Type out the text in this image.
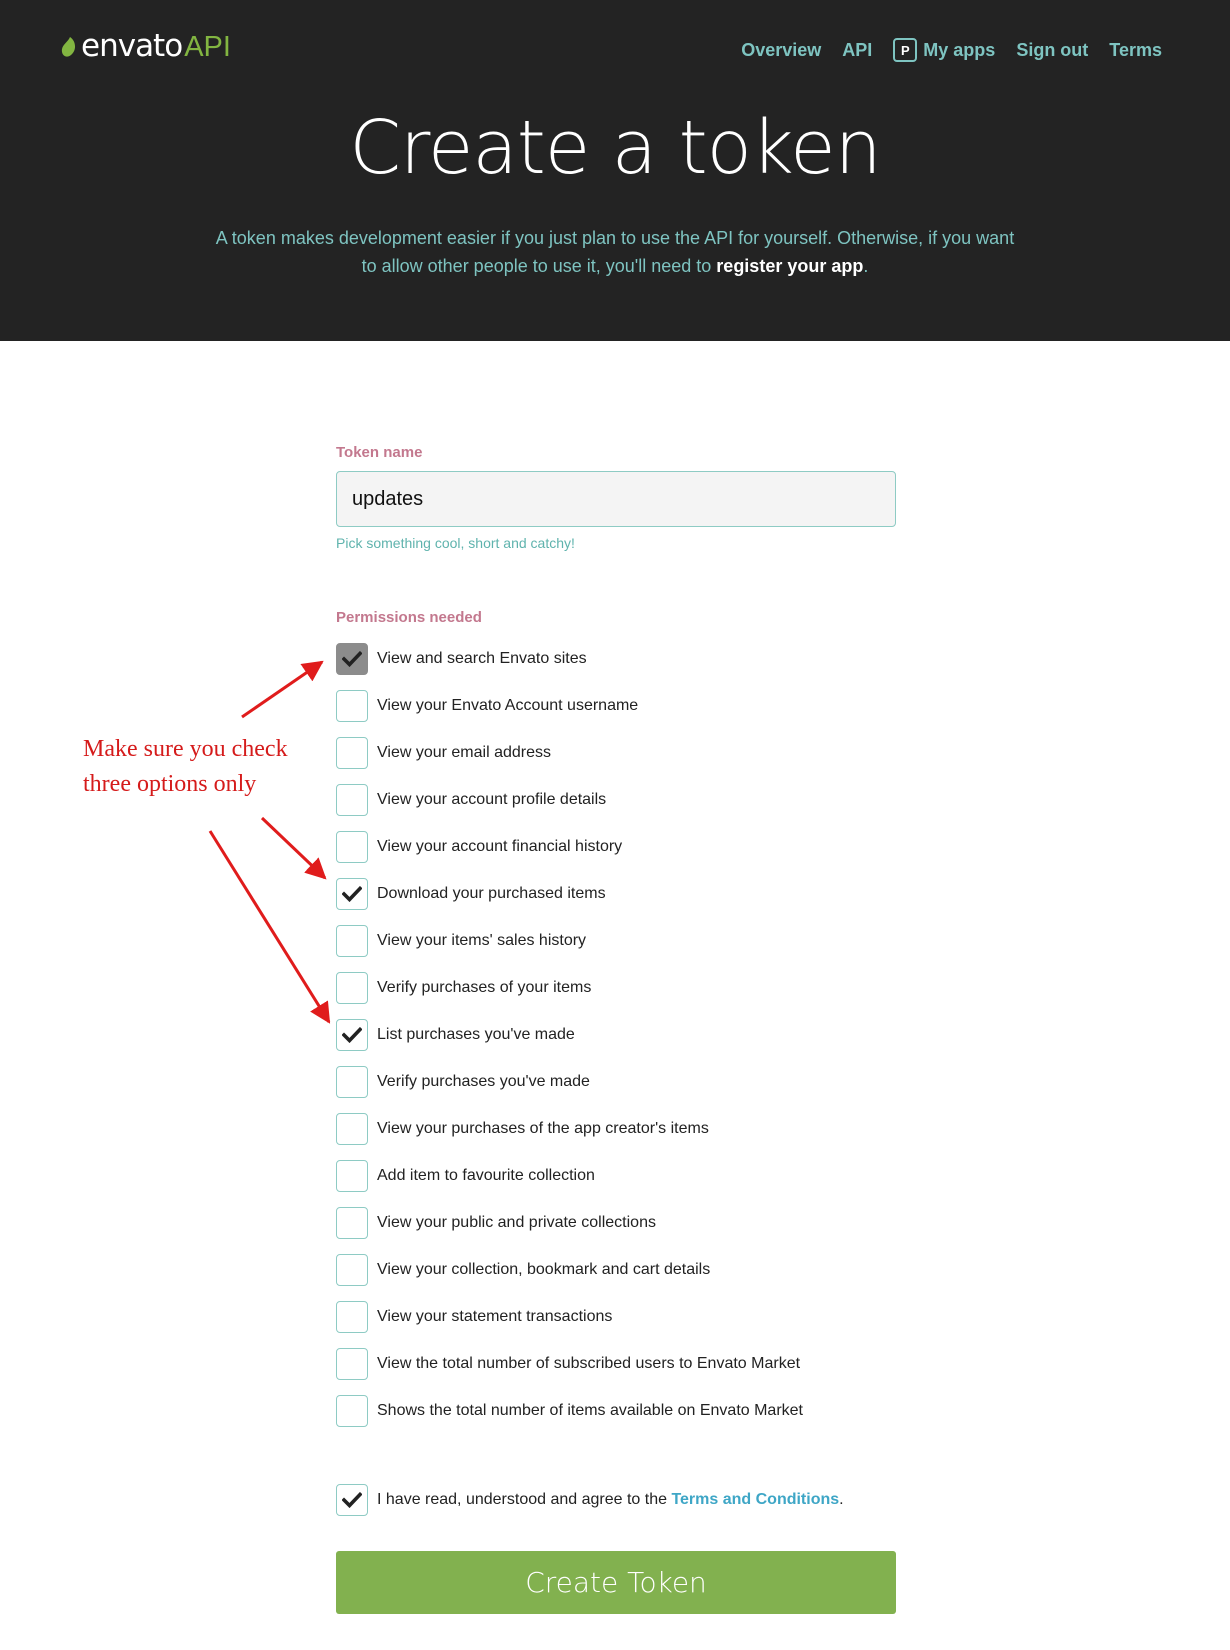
envato API	Overview API	P My apps Sign out Terms
Create a token

A token makes development easier if you just plan to use the API for yourself. Otherwise, if you want to allow other people to use it, you'll need to register your app.

Token name
updates
Pick something cool, short and catchy!
Permissions needed
View and search Envato sites
View your Envato Account username
View your email address
View your account profile details
View your account financial history
Download your purchased items
View your items' sales history
Verify purchases of your items
List purchases you've made
Verify purchases you've made
View your purchases of the app creator's items
Add item to favourite collection
View your public and private collections
View your collection, bookmark and cart details
View your statement transactions
View the total number of subscribed users to Envato Market
Shows the total number of items available on Envato Market
I have read, understood and agree to the Terms and Conditions.
Create Token
Make sure you check
three options only
